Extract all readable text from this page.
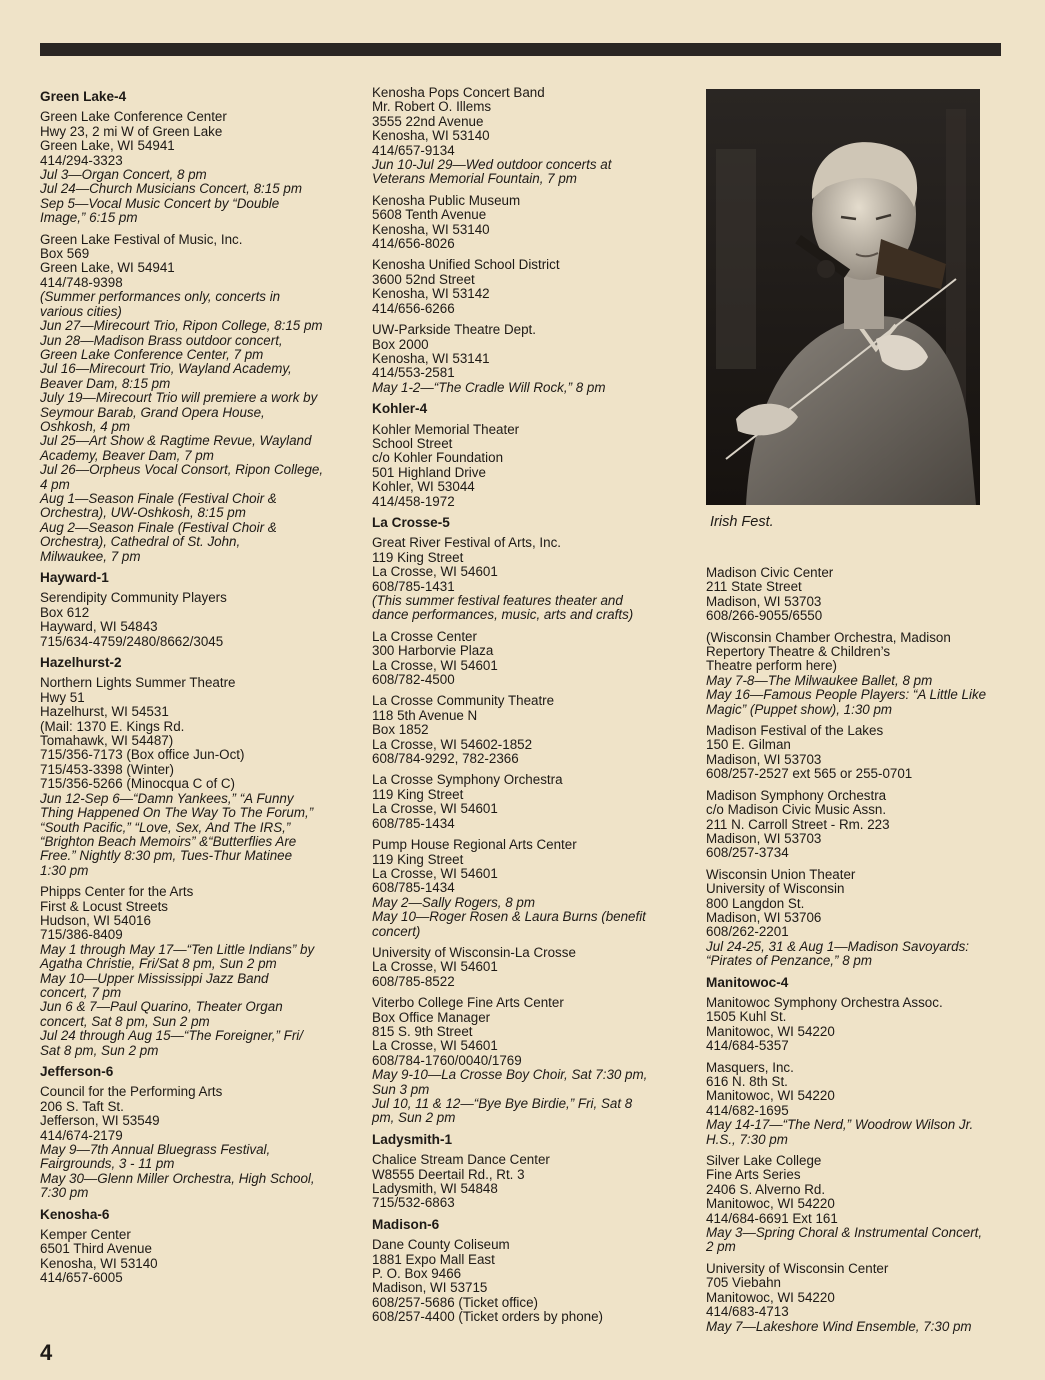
Green Lake-4
Green Lake Conference Center
Hwy 23, 2 mi W of Green Lake
Green Lake, WI 54941
414/294-3323
Jul 3—Organ Concert, 8 pm
Jul 24—Church Musicians Concert, 8:15 pm
Sep 5—Vocal Music Concert by “Double
Image,” 6:15 pm
Green Lake Festival of Music, Inc.
Box 569
Green Lake, WI 54941
414/748-9398
(Summer performances only, concerts in
various cities)
Jun 27—Mirecourt Trio, Ripon College, 8:15 pm
Jun 28—Madison Brass outdoor concert,
Green Lake Conference Center, 7 pm
Jul 16—Mirecourt Trio, Wayland Academy,
Beaver Dam, 8:15 pm
July 19—Mirecourt Trio will premiere a work by
Seymour Barab, Grand Opera House,
Oshkosh, 4 pm
Jul 25—Art Show & Ragtime Revue, Wayland
Academy, Beaver Dam, 7 pm
Jul 26—Orpheus Vocal Consort, Ripon College,
4 pm
Aug 1—Season Finale (Festival Choir &
Orchestra), UW-Oshkosh, 8:15 pm
Aug 2—Season Finale (Festival Choir &
Orchestra), Cathedral of St. John,
Milwaukee, 7 pm
Hayward-1
Serendipity Community Players
Box 612
Hayward, WI 54843
715/634-4759/2480/8662/3045
Hazelhurst-2
Northern Lights Summer Theatre
Hwy 51
Hazelhurst, WI 54531
(Mail: 1370 E. Kings Rd.
Tomahawk, WI 54487)
715/356-7173 (Box office Jun-Oct)
715/453-3398 (Winter)
715/356-5266 (Minocqua C of C)
Jun 12-Sep 6—“Damn Yankees,” “A Funny
Thing Happened On The Way To The Forum,”
“South Pacific,” “Love, Sex, And The IRS,”
“Brighton Beach Memoirs” &“Butterflies Are
Free.” Nightly 8:30 pm, Tues-Thur Matinee
1:30 pm
Phipps Center for the Arts
First & Locust Streets
Hudson, WI 54016
715/386-8409
May 1 through May 17—“Ten Little Indians” by
Agatha Christie, Fri/Sat 8 pm, Sun 2 pm
May 10—Upper Mississippi Jazz Band
concert, 7 pm
Jun 6 & 7—Paul Quarino, Theater Organ
concert, Sat 8 pm, Sun 2 pm
Jul 24 through Aug 15—“The Foreigner,” Fri/
Sat 8 pm, Sun 2 pm
Jefferson-6
Council for the Performing Arts
206 S. Taft St.
Jefferson, WI 53549
414/674-2179
May 9—7th Annual Bluegrass Festival,
Fairgrounds, 3 - 11 pm
May 30—Glenn Miller Orchestra, High School,
7:30 pm
Kenosha-6
Kemper Center
6501 Third Avenue
Kenosha, WI 53140
414/657-6005
Kenosha Pops Concert Band
Mr. Robert O. Illems
3555 22nd Avenue
Kenosha, WI 53140
414/657-9134
Jun 10-Jul 29—Wed outdoor concerts at
Veterans Memorial Fountain, 7 pm
Kenosha Public Museum
5608 Tenth Avenue
Kenosha, WI 53140
414/656-8026
Kenosha Unified School District
3600 52nd Street
Kenosha, WI 53142
414/656-6266
UW-Parkside Theatre Dept.
Box 2000
Kenosha, WI 53141
414/553-2581
May 1-2—“The Cradle Will Rock,” 8 pm
Kohler-4
Kohler Memorial Theater
School Street
c/o Kohler Foundation
501 Highland Drive
Kohler, WI 53044
414/458-1972
La Crosse-5
Great River Festival of Arts, Inc.
119 King Street
La Crosse, WI 54601
608/785-1431
(This summer festival features theater and
dance performances, music, arts and crafts)
La Crosse Center
300 Harborvie Plaza
La Crosse, WI 54601
608/782-4500
La Crosse Community Theatre
118 5th Avenue N
Box 1852
La Crosse, WI 54602-1852
608/784-9292, 782-2366
La Crosse Symphony Orchestra
119 King Street
La Crosse, WI 54601
608/785-1434
Pump House Regional Arts Center
119 King Street
La Crosse, WI 54601
608/785-1434
May 2—Sally Rogers, 8 pm
May 10—Roger Rosen & Laura Burns (benefit
concert)
University of Wisconsin-La Crosse
La Crosse, WI 54601
608/785-8522
Viterbo College Fine Arts Center
Box Office Manager
815 S. 9th Street
La Crosse, WI 54601
608/784-1760/0040/1769
May 9-10—La Crosse Boy Choir, Sat 7:30 pm,
Sun 3 pm
Jul 10, 11 & 12—“Bye Bye Birdie,” Fri, Sat 8
pm, Sun 2 pm
Ladysmith-1
Chalice Stream Dance Center
W8555 Deertail Rd., Rt. 3
Ladysmith, WI 54848
715/532-6863
Madison-6
Dane County Coliseum
1881 Expo Mall East
P. O. Box 9466
Madison, WI 53715
608/257-5686 (Ticket office)
608/257-4400 (Ticket orders by phone)
Irish Fest.
Madison Civic Center
211 State Street
Madison, WI 53703
608/266-9055/6550
(Wisconsin Chamber Orchestra, Madison
Repertory Theatre & Children’s
Theatre perform here)
May 7-8—The Milwaukee Ballet, 8 pm
May 16—Famous People Players: “A Little Like
Magic” (Puppet show), 1:30 pm
Madison Festival of the Lakes
150 E. Gilman
Madison, WI 53703
608/257-2527 ext 565 or 255-0701
Madison Symphony Orchestra
c/o Madison Civic Music Assn.
211 N. Carroll Street - Rm. 223
Madison, WI 53703
608/257-3734
Wisconsin Union Theater
University of Wisconsin
800 Langdon St.
Madison, WI 53706
608/262-2201
Jul 24-25, 31 & Aug 1—Madison Savoyards:
“Pirates of Penzance,” 8 pm
Manitowoc-4
Manitowoc Symphony Orchestra Assoc.
1505 Kuhl St.
Manitowoc, WI 54220
414/684-5357
Masquers, Inc.
616 N. 8th St.
Manitowoc, WI 54220
414/682-1695
May 14-17—“The Nerd,” Woodrow Wilson Jr.
H.S., 7:30 pm
Silver Lake College
Fine Arts Series
2406 S. Alverno Rd.
Manitowoc, WI 54220
414/684-6691 Ext 161
May 3—Spring Choral & Instrumental Concert,
2 pm
University of Wisconsin Center
705 Viebahn
Manitowoc, WI 54220
414/683-4713
May 7—Lakeshore Wind Ensemble, 7:30 pm
4
